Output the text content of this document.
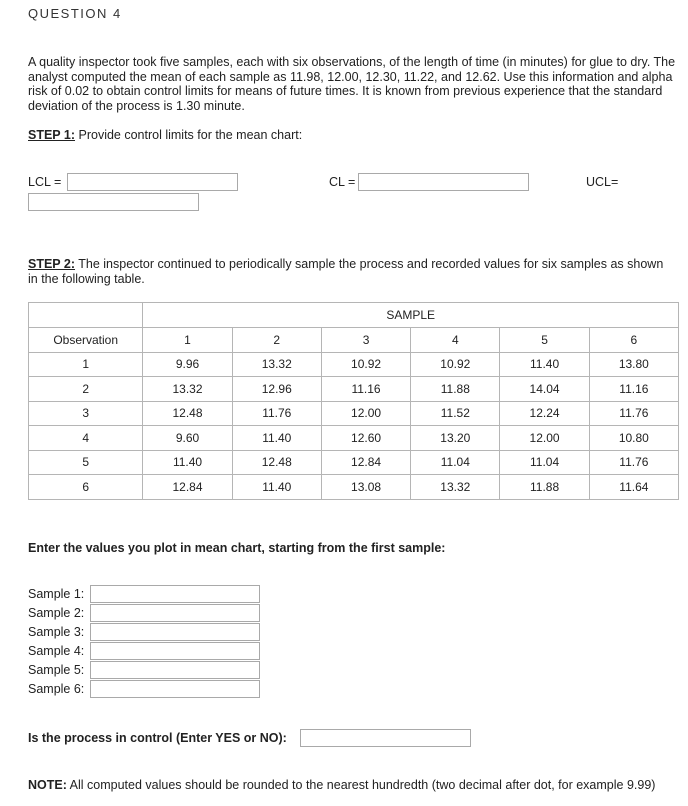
QUESTION 4
A quality inspector took five samples, each with six observations, of the length of time (in minutes) for glue to dry. The analyst computed the mean of each sample as 11.98, 12.00, 12.30, 11.22, and 12.62. Use this information and alpha risk of 0.02 to obtain control limits for means of future times. It is known from previous experience that the standard deviation of the process is 1.30 minute.
STEP 1: Provide control limits for the mean chart:
LCL =	CL =	UCL=
STEP 2: The inspector continued to periodically sample the process and recorded values for six samples as shown in the following table.
	SAMPLE					
Observation	1	2	3	4	5	6
1	9.96	13.32	10.92	10.92	11.40	13.80
2	13.32	12.96	11.16	11.88	14.04	11.16
3	12.48	11.76	12.00	11.52	12.24	11.76
4	9.60	11.40	12.60	13.20	12.00	10.80
5	11.40	12.48	12.84	11.04	11.04	11.76
6	12.84	11.40	13.08	13.32	11.88	11.64
Enter the values you plot in mean chart, starting from the first sample:
Sample 1:
Sample 2:
Sample 3:
Sample 4:
Sample 5:
Sample 6:
Is the process in control (Enter YES or NO):
NOTE: All computed values should be rounded to the nearest hundredth (two decimal after dot, for example 9.99)
